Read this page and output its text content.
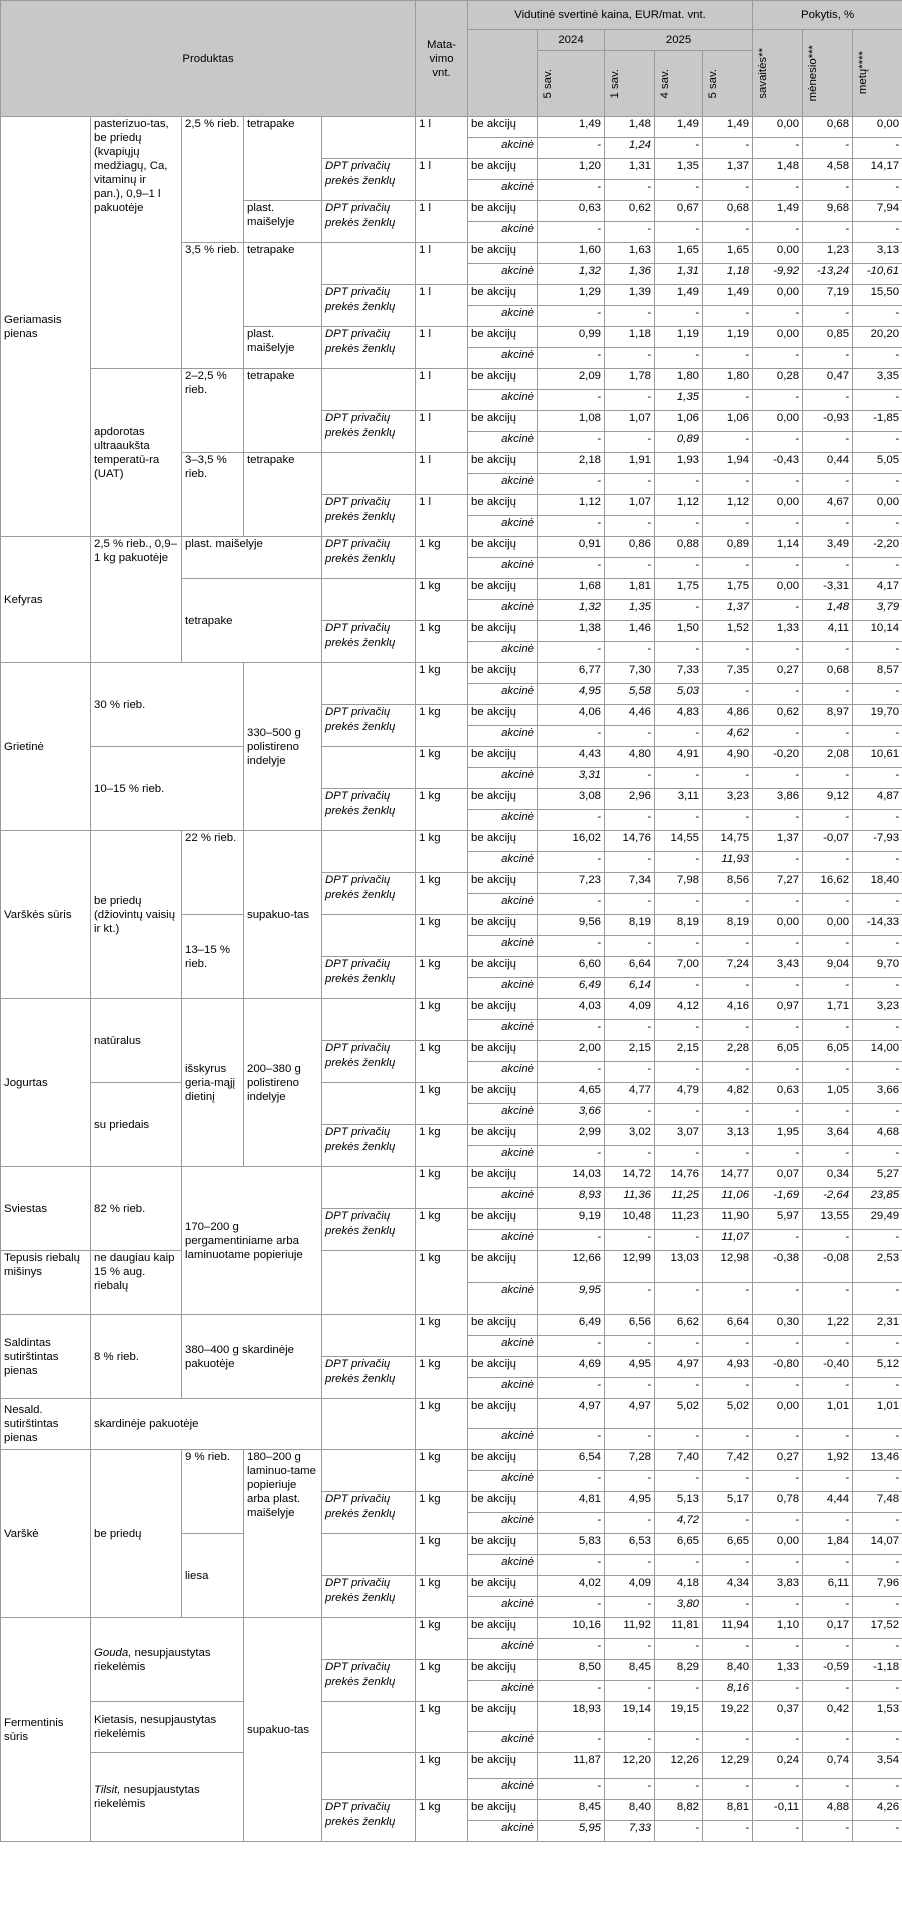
Produktas					Mata-
vimo
vnt.	Vidutinė svertinė kaina, EUR/mat. vnt.					Pokytis, %		
							2024	2025			savaitės**	mėnesio***	metų****

							5 sav.	1 sav.	4 sav.	5 sav.			

Geriamasis pienas	pasterizuo-tas, be priedų (kvapiųjų medžiagų, Ca, vitaminų ir pan.), 0,9–1 l pakuotėje	2,5 % rieb.	tetrapake		1 l	be akcijų	1,49	1,48	1,49	1,49	0,00	0,68	0,00
						akcinė	-	1,24	-	-	-	-	-
				DPT privačių prekės ženklų	1 l	be akcijų	1,20	1,31	1,35	1,37	1,48	4,58	14,17
						akcinė	-	-	-	-	-	-	-
			plast. maišelyje	DPT privačių prekės ženklų	1 l	be akcijų	0,63	0,62	0,67	0,68	1,49	9,68	7,94
						akcinė	-	-	-	-	-	-	-
		3,5 % rieb.	tetrapake		1 l	be akcijų	1,60	1,63	1,65	1,65	0,00	1,23	3,13
						akcinė	1,32	1,36	1,31	1,18	-9,92	-13,24	-10,61
				DPT privačių prekės ženklų	1 l	be akcijų	1,29	1,39	1,49	1,49	0,00	7,19	15,50
						akcinė	-	-	-	-	-	-	-
			plast. maišelyje	DPT privačių prekės ženklų	1 l	be akcijų	0,99	1,18	1,19	1,19	0,00	0,85	20,20
						akcinė	-	-	-	-	-	-	-
	apdorotas ultraaukšta temperatū-ra (UAT)	2–2,5 % rieb.	tetrapake		1 l	be akcijų	2,09	1,78	1,80	1,80	0,28	0,47	3,35
						akcinė	-	-	1,35	-	-	-	-
				DPT privačių prekės ženklų	1 l	be akcijų	1,08	1,07	1,06	1,06	0,00	-0,93	-1,85
						akcinė	-	-	0,89	-	-	-	-
		3–3,5 % rieb.	tetrapake		1 l	be akcijų	2,18	1,91	1,93	1,94	-0,43	0,44	5,05
						akcinė	-	-	-	-	-	-	-
				DPT privačių prekės ženklų	1 l	be akcijų	1,12	1,07	1,12	1,12	0,00	4,67	0,00
						akcinė	-	-	-	-	-	-	-
Kefyras	2,5 % rieb., 0,9–1 kg pakuotėje	plast. maišelyje		DPT privačių prekės ženklų	1 kg	be akcijų	0,91	0,86	0,88	0,89	1,14	3,49	-2,20
						akcinė	-	-	-	-	-	-	-
		tetrapake			1 kg	be akcijų	1,68	1,81	1,75	1,75	0,00	-3,31	4,17
						akcinė	1,32	1,35	-	1,37	-	1,48	3,79
				DPT privačių prekės ženklų	1 kg	be akcijų	1,38	1,46	1,50	1,52	1,33	4,11	10,14
						akcinė	-	-	-	-	-	-	-
Grietinė	30 % rieb.		330–500 g polistireno indelyje		1 kg	be akcijų	6,77	7,30	7,33	7,35	0,27	0,68	8,57
						akcinė	4,95	5,58	5,03	-	-	-	-
				DPT privačių prekės ženklų	1 kg	be akcijų	4,06	4,46	4,83	4,86	0,62	8,97	19,70
						akcinė	-	-	-	4,62	-	-	-
	10–15 % rieb.				1 kg	be akcijų	4,43	4,80	4,91	4,90	-0,20	2,08	10,61
						akcinė	3,31	-	-	-	-	-	-
				DPT privačių prekės ženklų	1 kg	be akcijų	3,08	2,96	3,11	3,23	3,86	9,12	4,87
						akcinė	-	-	-	-	-	-	-
Varškės sūris	be priedų (džiovintų vaisių ir kt.)	22 % rieb.	supakuo-tas		1 kg	be akcijų	16,02	14,76	14,55	14,75	1,37	-0,07	-7,93
						akcinė	-	-	-	11,93	-	-	-
				DPT privačių prekės ženklų	1 kg	be akcijų	7,23	7,34	7,98	8,56	7,27	16,62	18,40
						akcinė	-	-	-	-	-	-	-
		13–15 % rieb.			1 kg	be akcijų	9,56	8,19	8,19	8,19	0,00	0,00	-14,33
						akcinė	-	-	-	-	-	-	-
				DPT privačių prekės ženklų	1 kg	be akcijų	6,60	6,64	7,00	7,24	3,43	9,04	9,70
						akcinė	6,49	6,14	-	-	-	-	-
Jogurtas	natūralus	išskyrus geria-mąjį dietinį	200–380 g polistireno indelyje		1 kg	be akcijų	4,03	4,09	4,12	4,16	0,97	1,71	3,23
						akcinė	-	-	-	-	-	-	-
				DPT privačių prekės ženklų	1 kg	be akcijų	2,00	2,15	2,15	2,28	6,05	6,05	14,00
						akcinė	-	-	-	-	-	-	-
	su priedais				1 kg	be akcijų	4,65	4,77	4,79	4,82	0,63	1,05	3,66
						akcinė	3,66	-	-	-	-	-	-
				DPT privačių prekės ženklų	1 kg	be akcijų	2,99	3,02	3,07	3,13	1,95	3,64	4,68
						akcinė	-	-	-	-	-	-	-
Sviestas	82 % rieb.	170–200 g pergamentiniame arba laminuotame popieriuje			1 kg	be akcijų	14,03	14,72	14,76	14,77	0,07	0,34	5,27
						akcinė	8,93	11,36	11,25	11,06	-1,69	-2,64	23,85
				DPT privačių prekės ženklų	1 kg	be akcijų	9,19	10,48	11,23	11,90	5,97	13,55	29,49
						akcinė	-	-	-	11,07	-	-	-
Tepusis riebalų mišinys	ne daugiau kaip 15 % aug. riebalų				1 kg	be akcijų	12,66	12,99	13,03	12,98	-0,38	-0,08	2,53
						akcinė	9,95	-	-	-	-	-	-
Saldintas sutirštintas pienas	8 % rieb.	380–400 g skardinėje pakuotėje			1 kg	be akcijų	6,49	6,56	6,62	6,64	0,30	1,22	2,31
						akcinė	-	-	-	-	-	-	-
				DPT privačių prekės ženklų	1 kg	be akcijų	4,69	4,95	4,97	4,93	-0,80	-0,40	5,12
						akcinė	-	-	-	-	-	-	-
Nesald. sutirštintas pienas	skardinėje pakuotėje				1 kg	be akcijų	4,97	4,97	5,02	5,02	0,00	1,01	1,01
						akcinė	-	-	-	-	-	-	-
Varškė	be priedų	9 % rieb.	180–200 g laminuo-tame popieriuje arba plast. maišelyje		1 kg	be akcijų	6,54	7,28	7,40	7,42	0,27	1,92	13,46
						akcinė	-	-	-	-	-	-	-
				DPT privačių prekės ženklų	1 kg	be akcijų	4,81	4,95	5,13	5,17	0,78	4,44	7,48
						akcinė	-	-	4,72	-	-	-	-
		liesa			1 kg	be akcijų	5,83	6,53	6,65	6,65	0,00	1,84	14,07
						akcinė	-	-	-	-	-	-	-
				DPT privačių prekės ženklų	1 kg	be akcijų	4,02	4,09	4,18	4,34	3,83	6,11	7,96
						akcinė	-	-	3,80	-	-	-	-
Fermentinis sūris	Gouda, nesupjaustytas riekelėmis		supakuo-tas		1 kg	be akcijų	10,16	11,92	11,81	11,94	1,10	0,17	17,52
						akcinė	-	-	-	-	-	-	-
				DPT privačių prekės ženklų	1 kg	be akcijų	8,50	8,45	8,29	8,40	1,33	-0,59	-1,18
						akcinė	-	-	-	8,16	-	-	-
	Kietasis, nesupjaustytas riekelėmis				1 kg	be akcijų	18,93	19,14	19,15	19,22	0,37	0,42	1,53
						akcinė	-	-	-	-	-	-	-
	Tilsit, nesupjaustytas riekelėmis				1 kg	be akcijų	11,87	12,20	12,26	12,29	0,24	0,74	3,54
						akcinė	-	-	-	-	-	-	-
				DPT privačių prekės ženklų	1 kg	be akcijų	8,45	8,40	8,82	8,81	-0,11	4,88	4,26
						akcinė	5,95	7,33	-	-	-	-	-
